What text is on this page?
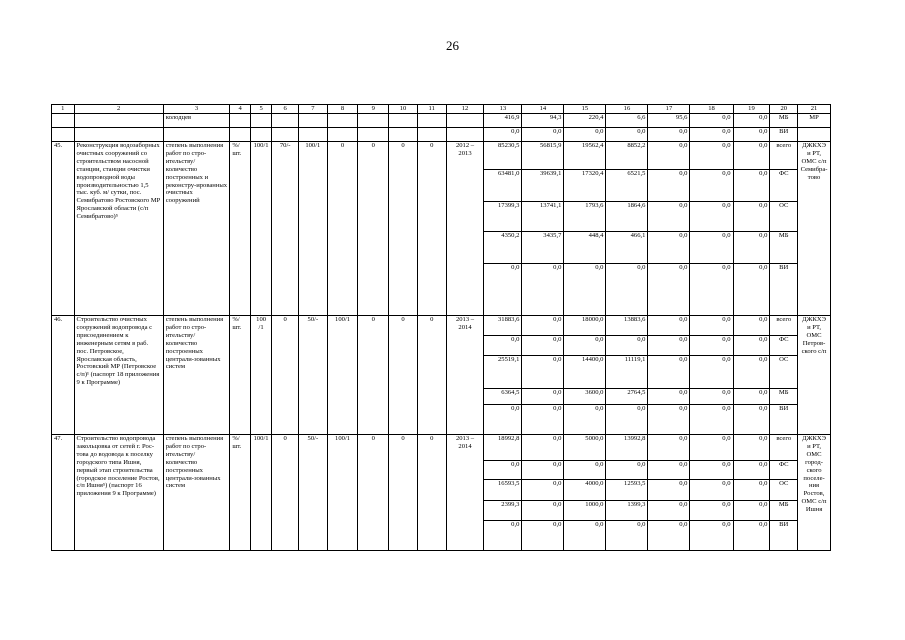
26
1	2	3	4	5	6	7	8	9	10	11	12	13	14	15	16	17	18	19	20	21
		колодцев										416,9	94,3	220,4	6,6	95,6	0,0	0,0	МБ	МР
												0,0	0,0	0,0	0,0	0,0	0,0	0,0	ВИ	
45.	Реконструкция водозаборных очистных сооружений со строительством насосной станции, станции очистки водопроводной воды производительностью 1,5 тыс. куб. м/ сутки, пос. Семибратово Ростовского МР Ярославской области (с/п Семибратово)⁵	степень выполнения работ по стро-ительству/ количество построенных и реконстру-ированных очистных сооружений	%/ шт.	100/1	70/-	100/1	0	0	0	0	2012 – 2013	85230,5	56815,9	19562,4	8852,2	0,0	0,0	0,0	всего	ДЖКХЭ и РТ, ОМС с/п Семибра-тово
												63481,0	39639,1	17320,4	6521,5	0,0	0,0	0,0	ФС	
												17399,3	13741,1	1793,6	1864,6	0,0	0,0	0,0	ОС	
												4350,2	3435,7	448,4	466,1	0,0	0,0	0,0	МБ	
												0,0	0,0	0,0	0,0	0,0	0,0	0,0	ВИ	
46.	Строительство очистных сооружений водопровода с присоединением к инженерным сетям в раб. пос. Петровское, Ярославская область, Ростовский МР (Петровское с/п)¹ (паспорт 18 приложения 9 к Программе)	степень выполнения работ по стро-ительству/ количество построенных централи-зованных систем	%/ шт.	100 /1	0	50/-	100/1	0	0	0	2013 – 2014	31883,6	0,0	18000,0	13883,6	0,0	0,0	0,0	всего	ДЖКХЭ и РТ, ОМС Петров-ского с/п
												0,0	0,0	0,0	0,0	0,0	0,0	0,0	ФС	
												25519,1	0,0	14400,0	11119,1	0,0	0,0	0,0	ОС	
												6364,5	0,0	3600,0	2764,5	0,0	0,0	0,0	МБ	
												0,0	0,0	0,0	0,0	0,0	0,0	0,0	ВИ	
47.	Строительство водопровода закольцовка от сетей г. Рос-това до водовода к поселку городского типа Ишня, первый этап строительства (городское поселение Ростов, с/п Ишня⁵) (паспорт 16 приложения 9 к Программе)	степень выполнения работ по стро-ительству/ количество построенных централи-зованных систем	%/ шт.	100/1	0	50/-	100/1	0	0	0	2013 – 2014	18992,8	0,0	5000,0	13992,8	0,0	0,0	0,0	всего	ДЖКХЭ и РТ, ОМС город-ского поселе-ния Ростов, ОМС с/п Ишня
												0,0	0,0	0,0	0,0	0,0	0,0	0,0	ФС	
												16593,5	0,0	4000,0	12593,5	0,0	0,0	0,0	ОС	
												2399,3	0,0	1000,0	1399,3	0,0	0,0	0,0	МБ	
												0,0	0,0	0,0	0,0	0,0	0,0	0,0	ВИ	
